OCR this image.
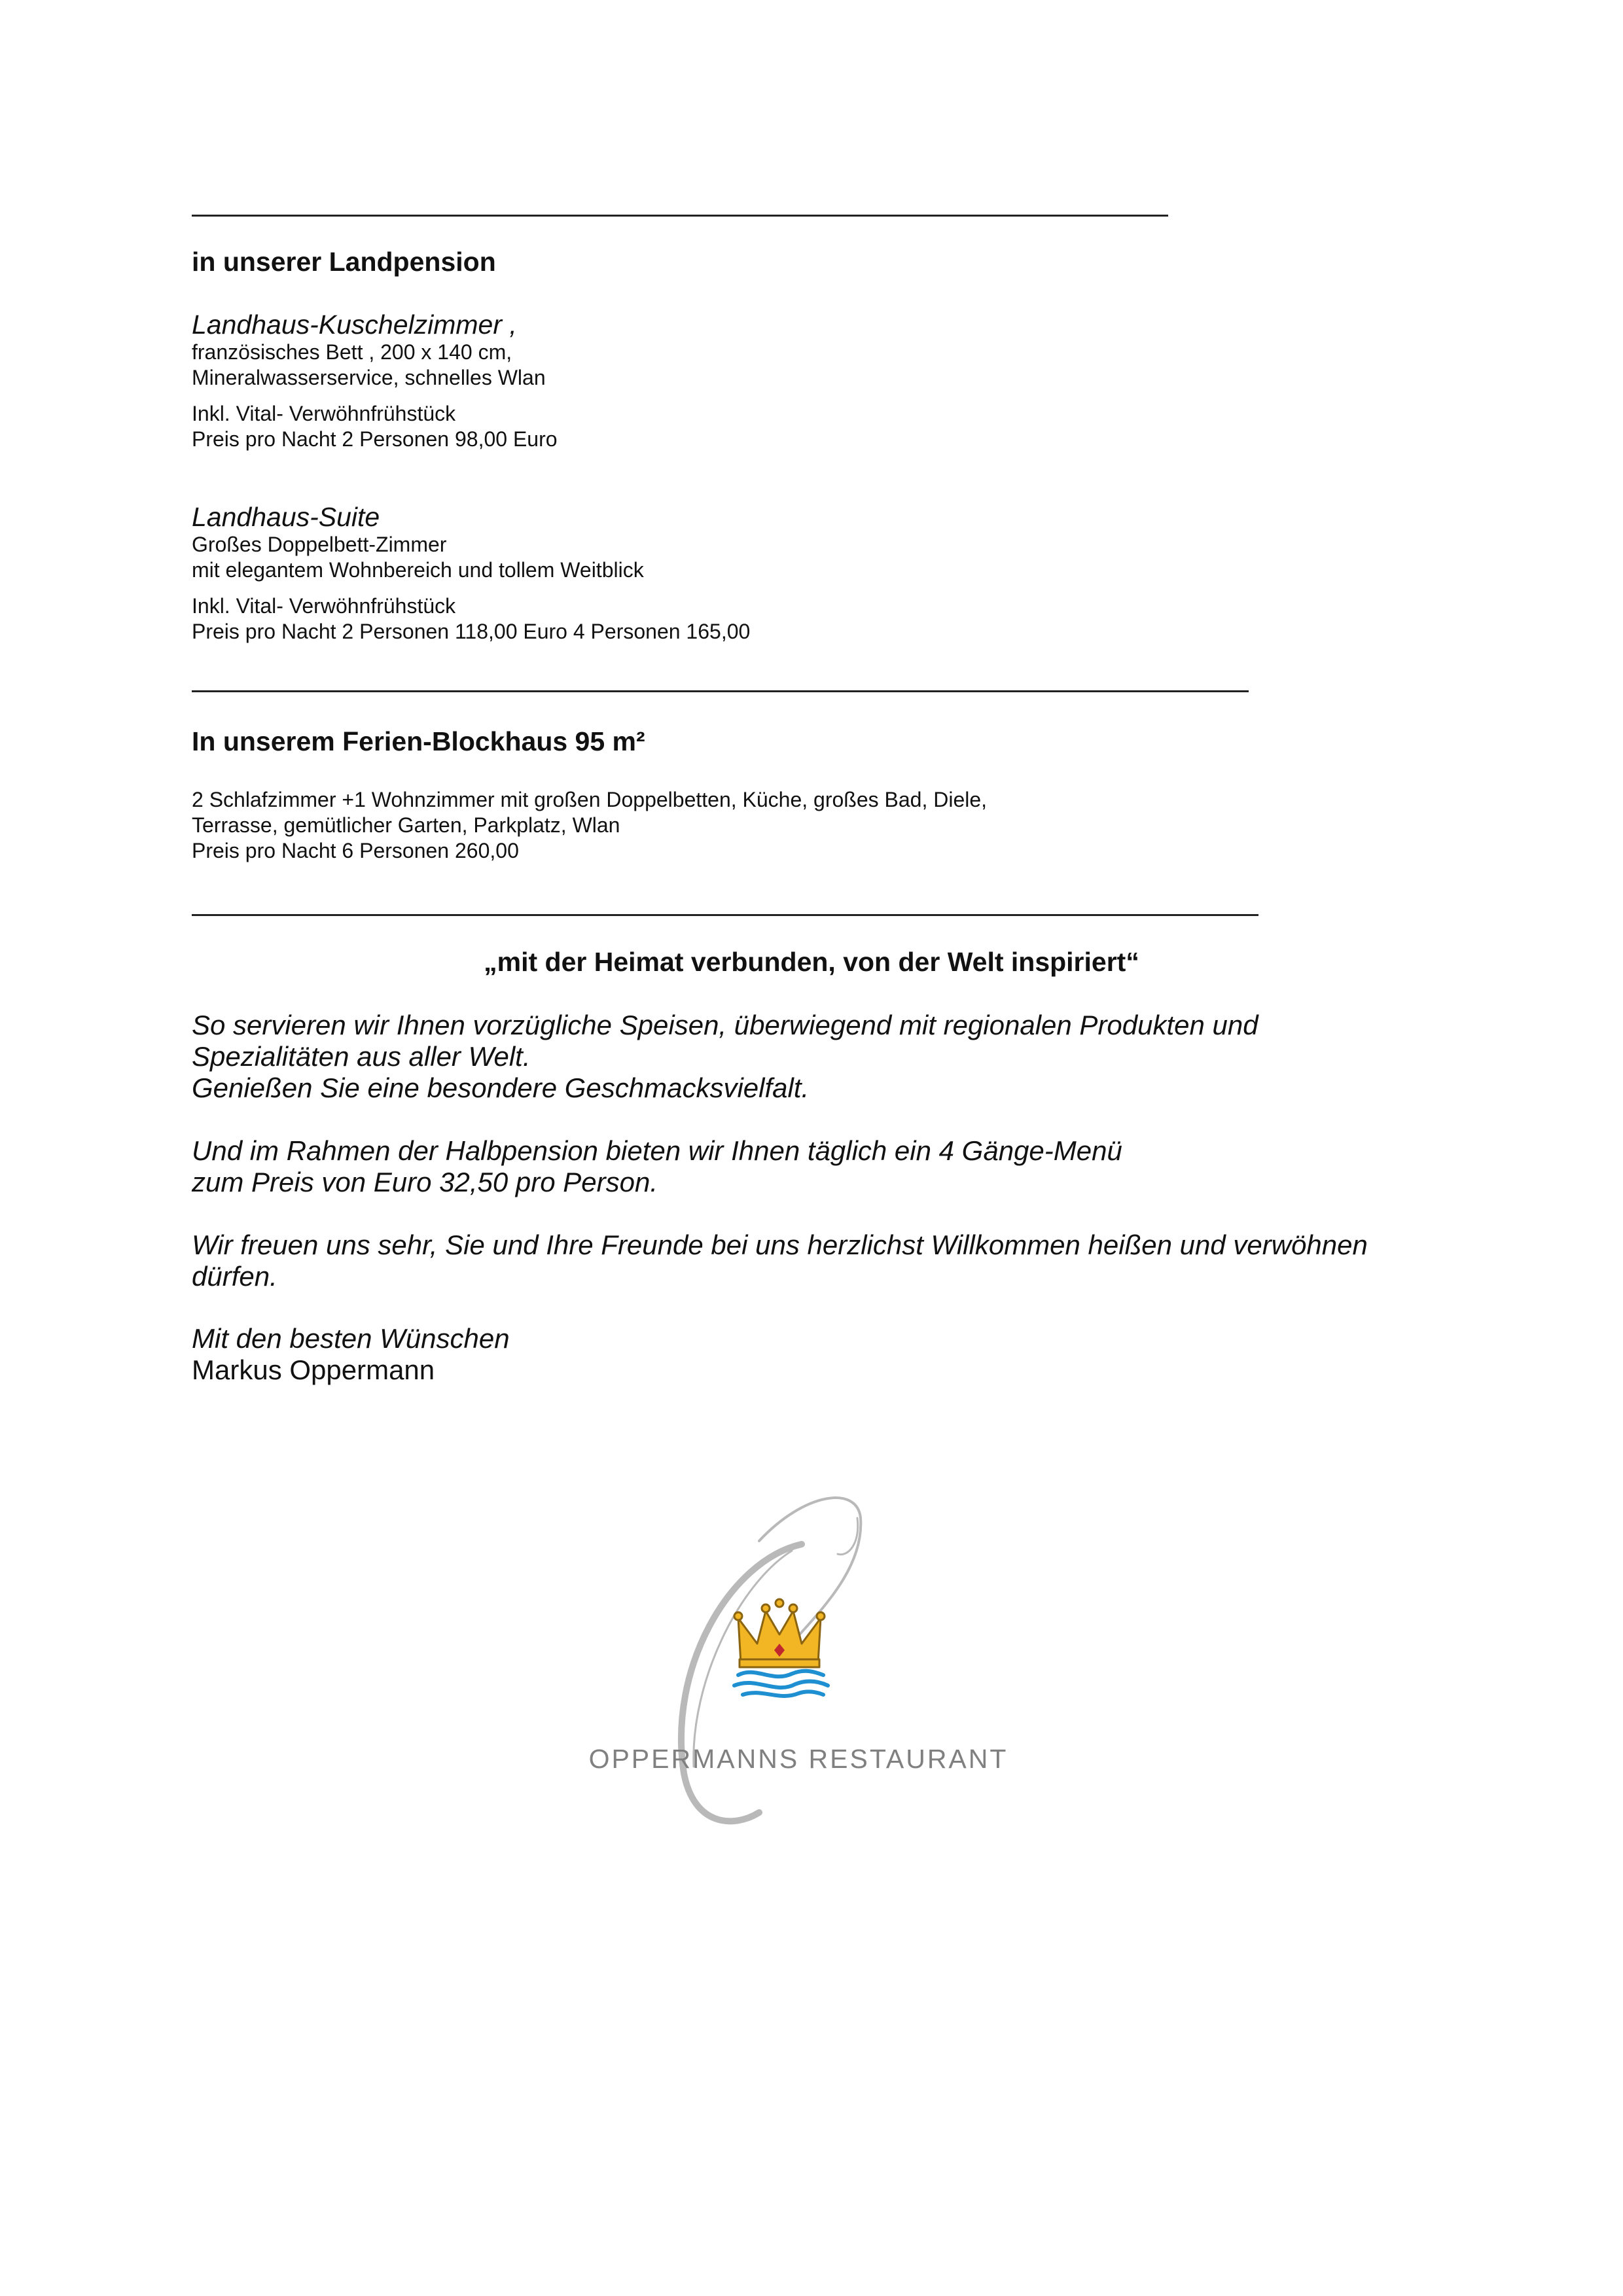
in unserer Landpension
Landhaus-Kuschelzimmer ,
französisches Bett , 200 x 140 cm,
Mineralwasserservice, schnelles Wlan
Inkl. Vital- Verwöhnfrühstück
Preis pro Nacht 2 Personen 98,00 Euro
Landhaus-Suite
Großes Doppelbett-Zimmer
mit elegantem Wohnbereich und tollem Weitblick
Inkl. Vital- Verwöhnfrühstück
Preis pro Nacht 2 Personen 118,00 Euro 4 Personen 165,00
In unserem Ferien-Blockhaus 95 m²
2 Schlafzimmer +1 Wohnzimmer mit großen Doppelbetten, Küche, großes Bad, Diele,
Terrasse, gemütlicher Garten, Parkplatz, Wlan
Preis pro Nacht 6 Personen 260,00
„mit der Heimat verbunden, von der Welt inspiriert“
So servieren wir Ihnen vorzügliche Speisen, überwiegend mit regionalen Produkten und
Spezialitäten aus aller Welt.
Genießen Sie eine besondere Geschmacksvielfalt.
Und im Rahmen der Halbpension bieten wir Ihnen täglich ein 4 Gänge-Menü
zum Preis von Euro 32,50 pro Person.
Wir freuen uns sehr, Sie und Ihre Freunde bei uns herzlichst Willkommen heißen und verwöhnen
dürfen.
Mit den besten Wünschen
Markus Oppermann
OPPERMANNS RESTAURANT
